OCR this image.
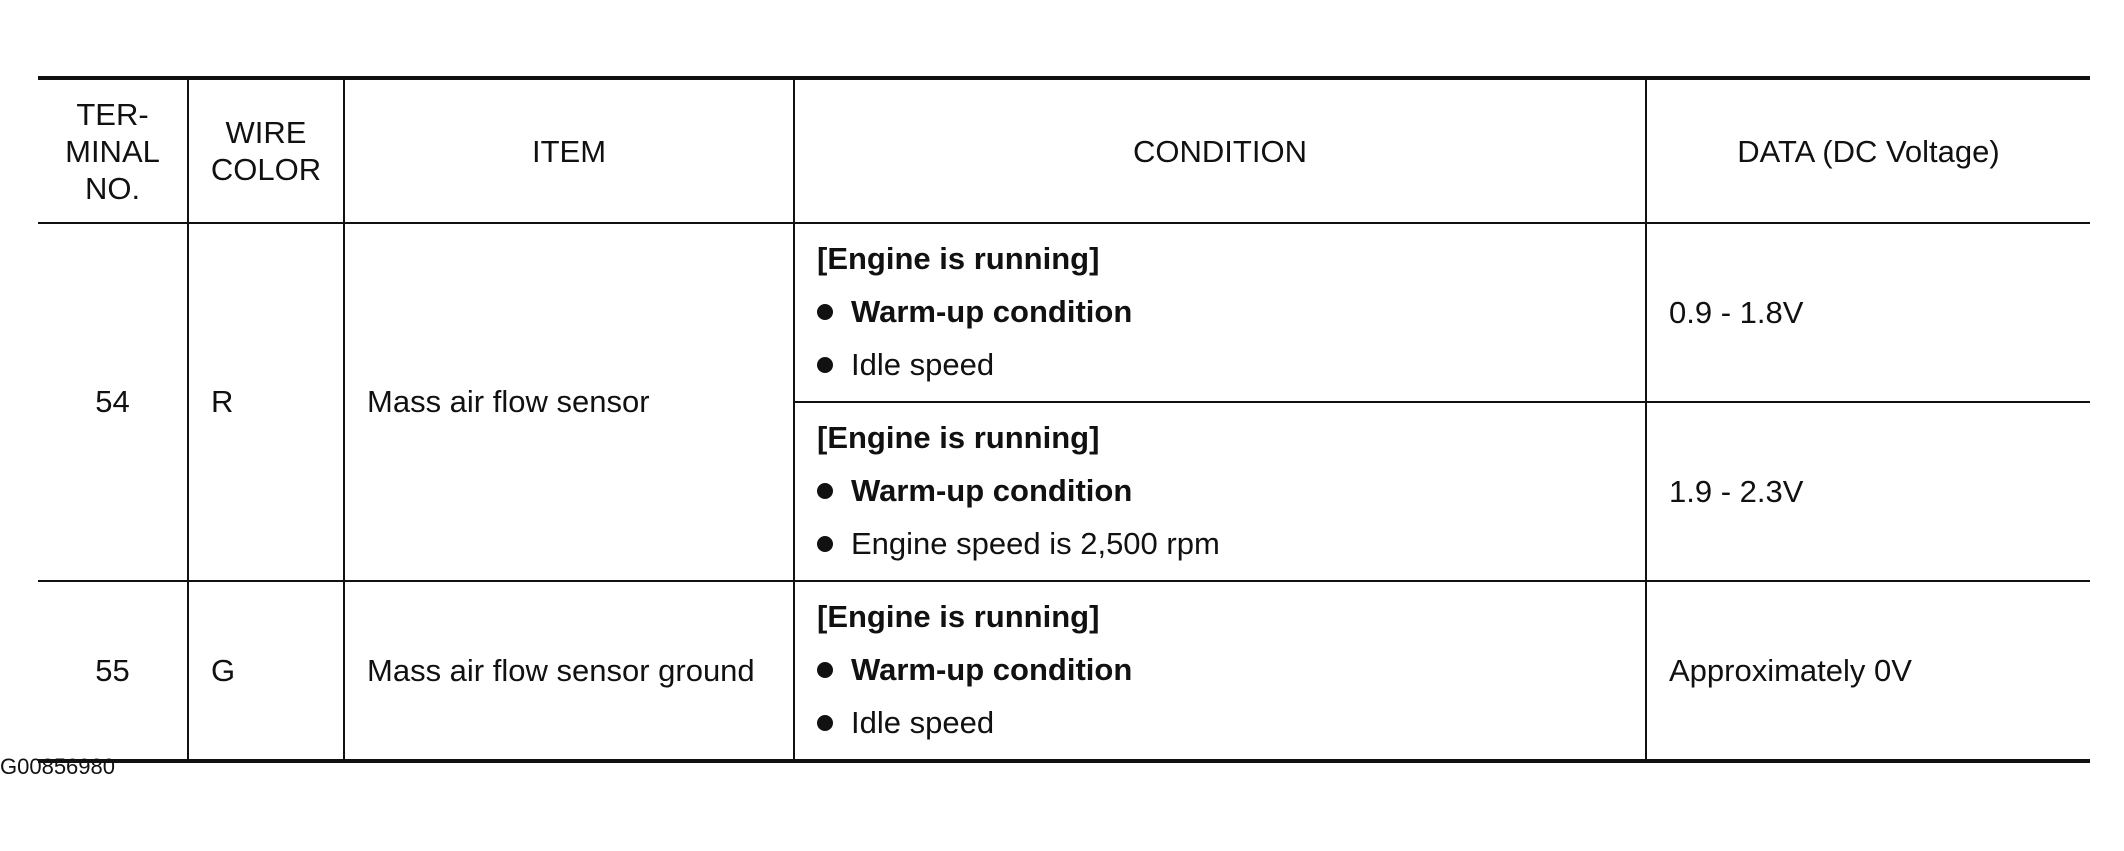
TER-
MINAL
NO.	WIRE
COLOR	ITEM	CONDITION	DATA (DC Voltage)
54	R	Mass air flow sensor	[Engine is running]
Warm-up condition
Idle speed	0.9 - 1.8V

			[Engine is running]
Warm-up condition
Engine speed is 2,500 rpm	1.9 - 2.3V
55	G	Mass air flow sensor ground	[Engine is running]
Warm-up condition
Idle speed	Approximately 0V
G00856980
